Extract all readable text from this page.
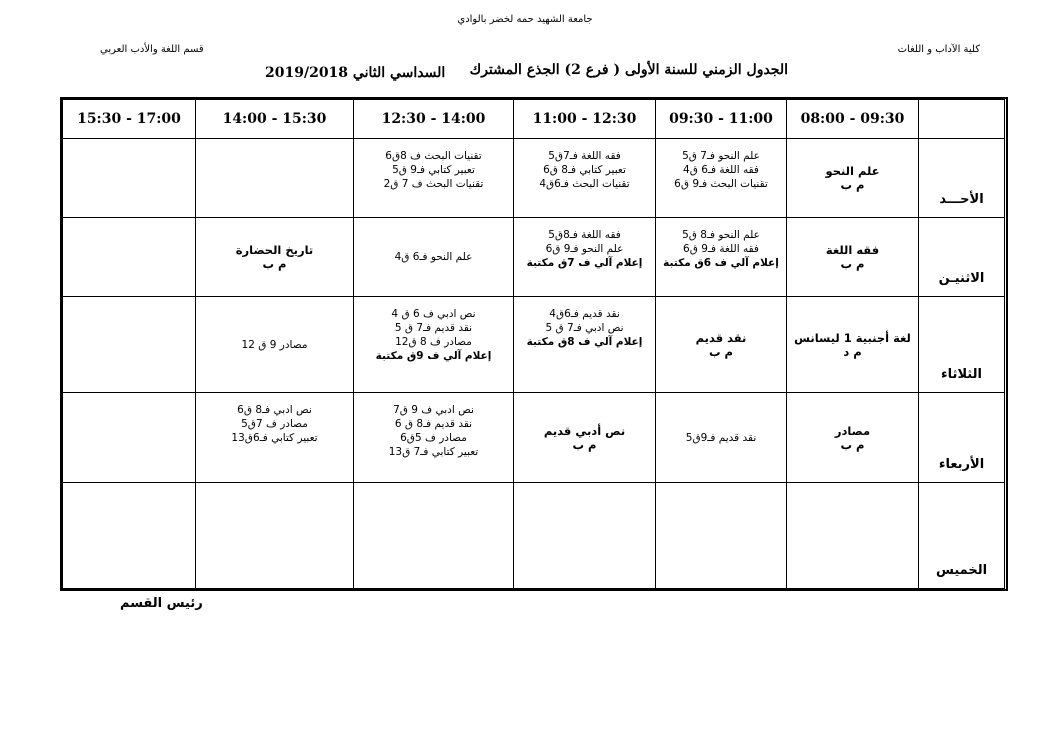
جامعة الشهيد حمه لخضر بالوادي
كلية الآداب و اللغات
قسم اللغة والأدب العربي
الجدول الزمني للسنة الأولى ( فرع 2) الجذع المشترك
السداسي الثاني 2019/2018
15:30 - 17:00	14:00 - 15:30	12:30 - 14:00	11:00 - 12:30	09:30 - 11:00	08:00 - 09:30	

		تقنيات البحث ف 8ق6
تعبير كتابي فـ9 ق5
تقنيات البحث ف 7 ق2	فقه اللغة فـ7ق5
تعبير كتابي فـ8 ق6
تقنيات البحث فـ6ق4	علم النحو فـ7 ق5
فقه اللغة فـ6 ق4
تقنيات البحث فـ9 ق6	علم النحو
م ب	الأحـــد

	تاريخ الحضارة
م ب	علم النحو فـ6 ق4	فقه اللغة فـ8ق5
علم النحو فـ9 ق6
إعلام آلي ف 7ق مكتبة	علم النحو فـ8 ق5
فقه اللغة فـ9 ق6
إعلام آلي ف 6ق مكتبة	فقه اللغة
م ب	الاثنيـن

	مصادر 9 ق 12	نص ادبي ف 6 ق 4
نقد قديم فـ7 ق 5
مصادر ف 8 ق12
إعلام آلي ف 9ق مكتبة	نقد قديم فـ6ق4
نص ادبي فـ7 ق 5
إعلام آلي ف 8ق مكتبة	نقد قديم
م ب	لغة أجنبية 1 ليسانس
م د	الثلاثاء

	نص ادبي فـ8 ق6
مصادر ف 7ق5
تعبير كتابي فـ6ق13	نص ادبي ف 9 ق7
نقد قديم فـ8 ق 6
مصادر ف 5ق6
تعبير كتابي فـ7 ق13	نص أدبي قديم
م ب	نقد قديم فـ9ق5	مصادر
م ب	الأربعاء
						الخميس
رئيس القسم
